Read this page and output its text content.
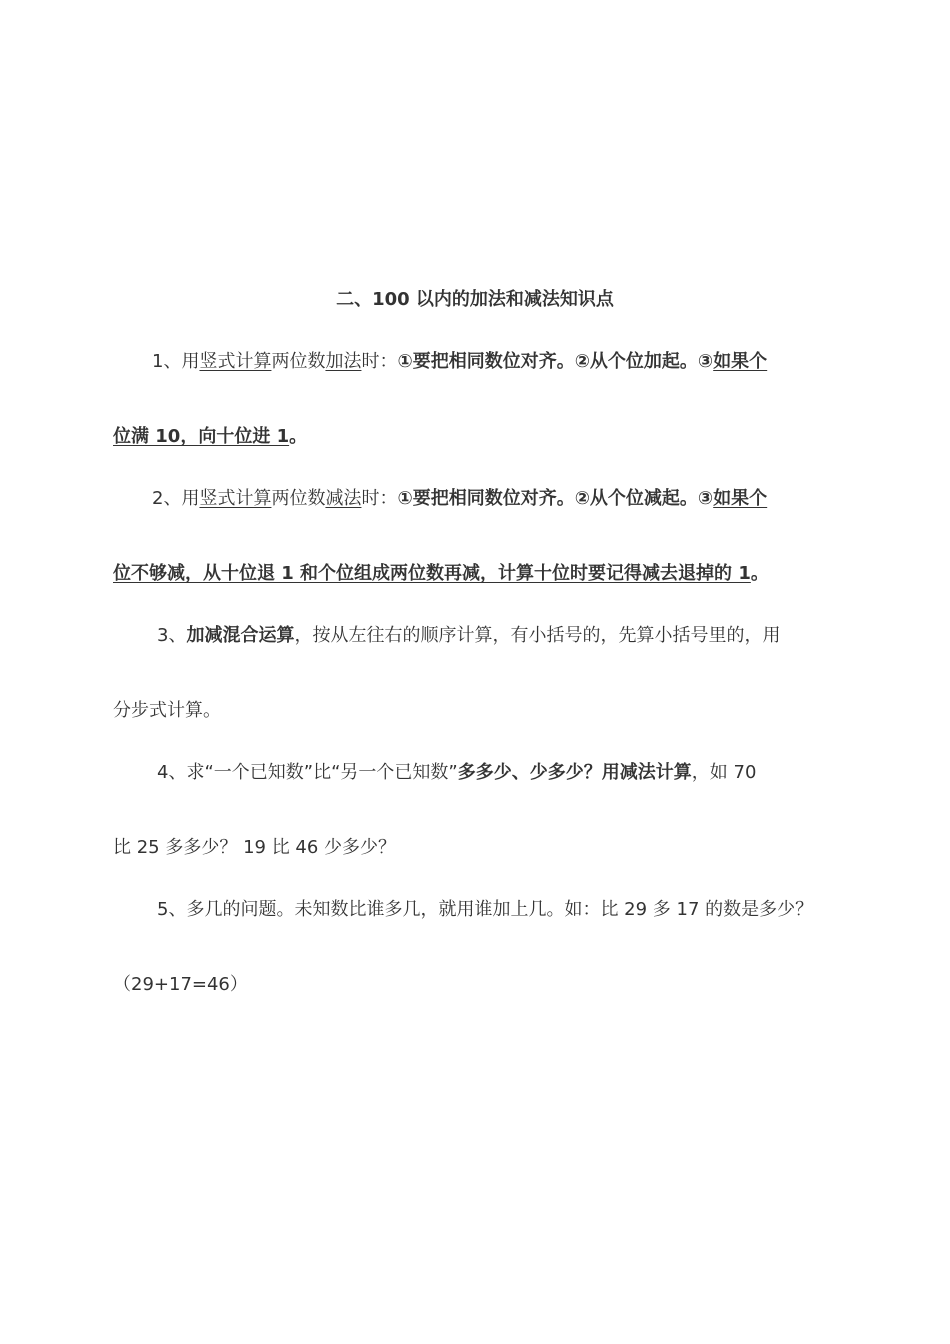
二、100 以内的加法和减法知识点
1、用竖式计算两位数加法时：①要把相同数位对齐。②从个位加起。③如果个
位满 10，向十位进 1。
2、用竖式计算两位数减法时：①要把相同数位对齐。②从个位减起。③如果个
位不够减，从十位退 1 和个位组成两位数再减，计算十位时要记得减去退掉的 1。
3、加减混合运算，按从左往右的顺序计算，有小括号的，先算小括号里的，用
分步式计算。
4、求“一个已知数”比“另一个已知数”多多少、少多少？用减法计算，如 70
比 25 多多少？ 19 比 46 少多少？
5、多几的问题。未知数比谁多几，就用谁加上几。如：比 29 多 17 的数是多少？
（29+17=46）
